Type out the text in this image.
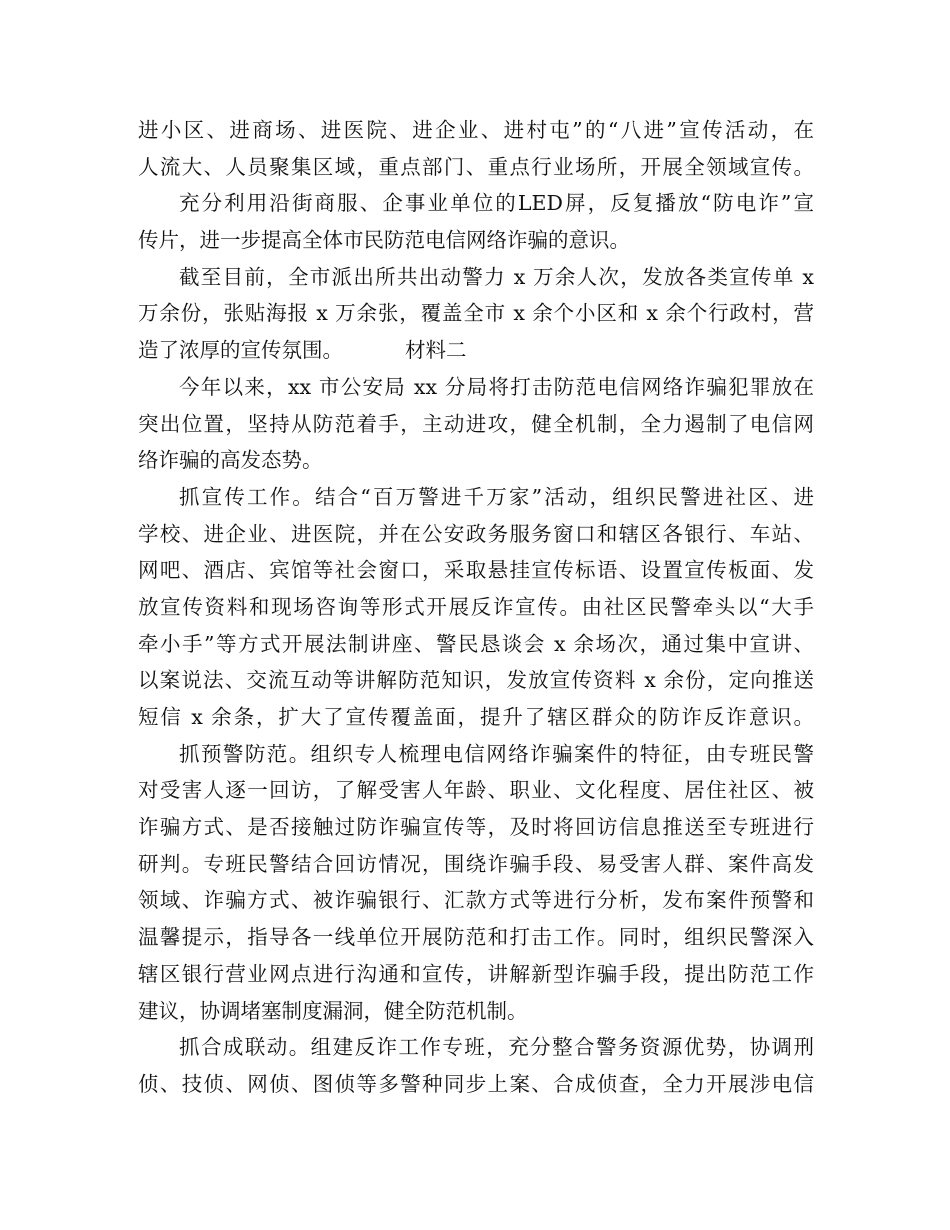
进小区、进商场、进医院、进企业、进村屯”的“八进”宣传活动，在
人流大、人员聚集区域，重点部门、重点行业场所，开展全领域宣传。
充分利用沿街商服、企事业单位的LED屏，反复播放“防电诈”宣
传片，进一步提高全体市民防范电信网络诈骗的意识。
截至目前，全市派出所共出动警力 x 万余人次，发放各类宣传单 x
万余份，张贴海报 x 万余张，覆盖全市 x 余个小区和 x 余个行政村，营
造了浓厚的宣传氛围。	材料二
今年以来，xx 市公安局 xx 分局将打击防范电信网络诈骗犯罪放在
突出位置，坚持从防范着手，主动进攻，健全机制，全力遏制了电信网
络诈骗的高发态势。
抓宣传工作。结合“百万警进千万家”活动，组织民警进社区、进
学校、进企业、进医院，并在公安政务服务窗口和辖区各银行、车站、
网吧、酒店、宾馆等社会窗口，采取悬挂宣传标语、设置宣传板面、发
放宣传资料和现场咨询等形式开展反诈宣传。由社区民警牵头以“大手
牵小手”等方式开展法制讲座、警民恳谈会 x 余场次，通过集中宣讲、
以案说法、交流互动等讲解防范知识，发放宣传资料 x 余份，定向推送
短信 x 余条，扩大了宣传覆盖面，提升了辖区群众的防诈反诈意识。
抓预警防范。组织专人梳理电信网络诈骗案件的特征，由专班民警
对受害人逐一回访，了解受害人年龄、职业、文化程度、居住社区、被
诈骗方式、是否接触过防诈骗宣传等，及时将回访信息推送至专班进行
研判。专班民警结合回访情况，围绕诈骗手段、易受害人群、案件高发
领域、诈骗方式、被诈骗银行、汇款方式等进行分析，发布案件预警和
温馨提示，指导各一线单位开展防范和打击工作。同时，组织民警深入
辖区银行营业网点进行沟通和宣传，讲解新型诈骗手段，提出防范工作
建议，协调堵塞制度漏洞，健全防范机制。
抓合成联动。组建反诈工作专班，充分整合警务资源优势，协调刑
侦、技侦、网侦、图侦等多警种同步上案、合成侦查，全力开展涉电信
